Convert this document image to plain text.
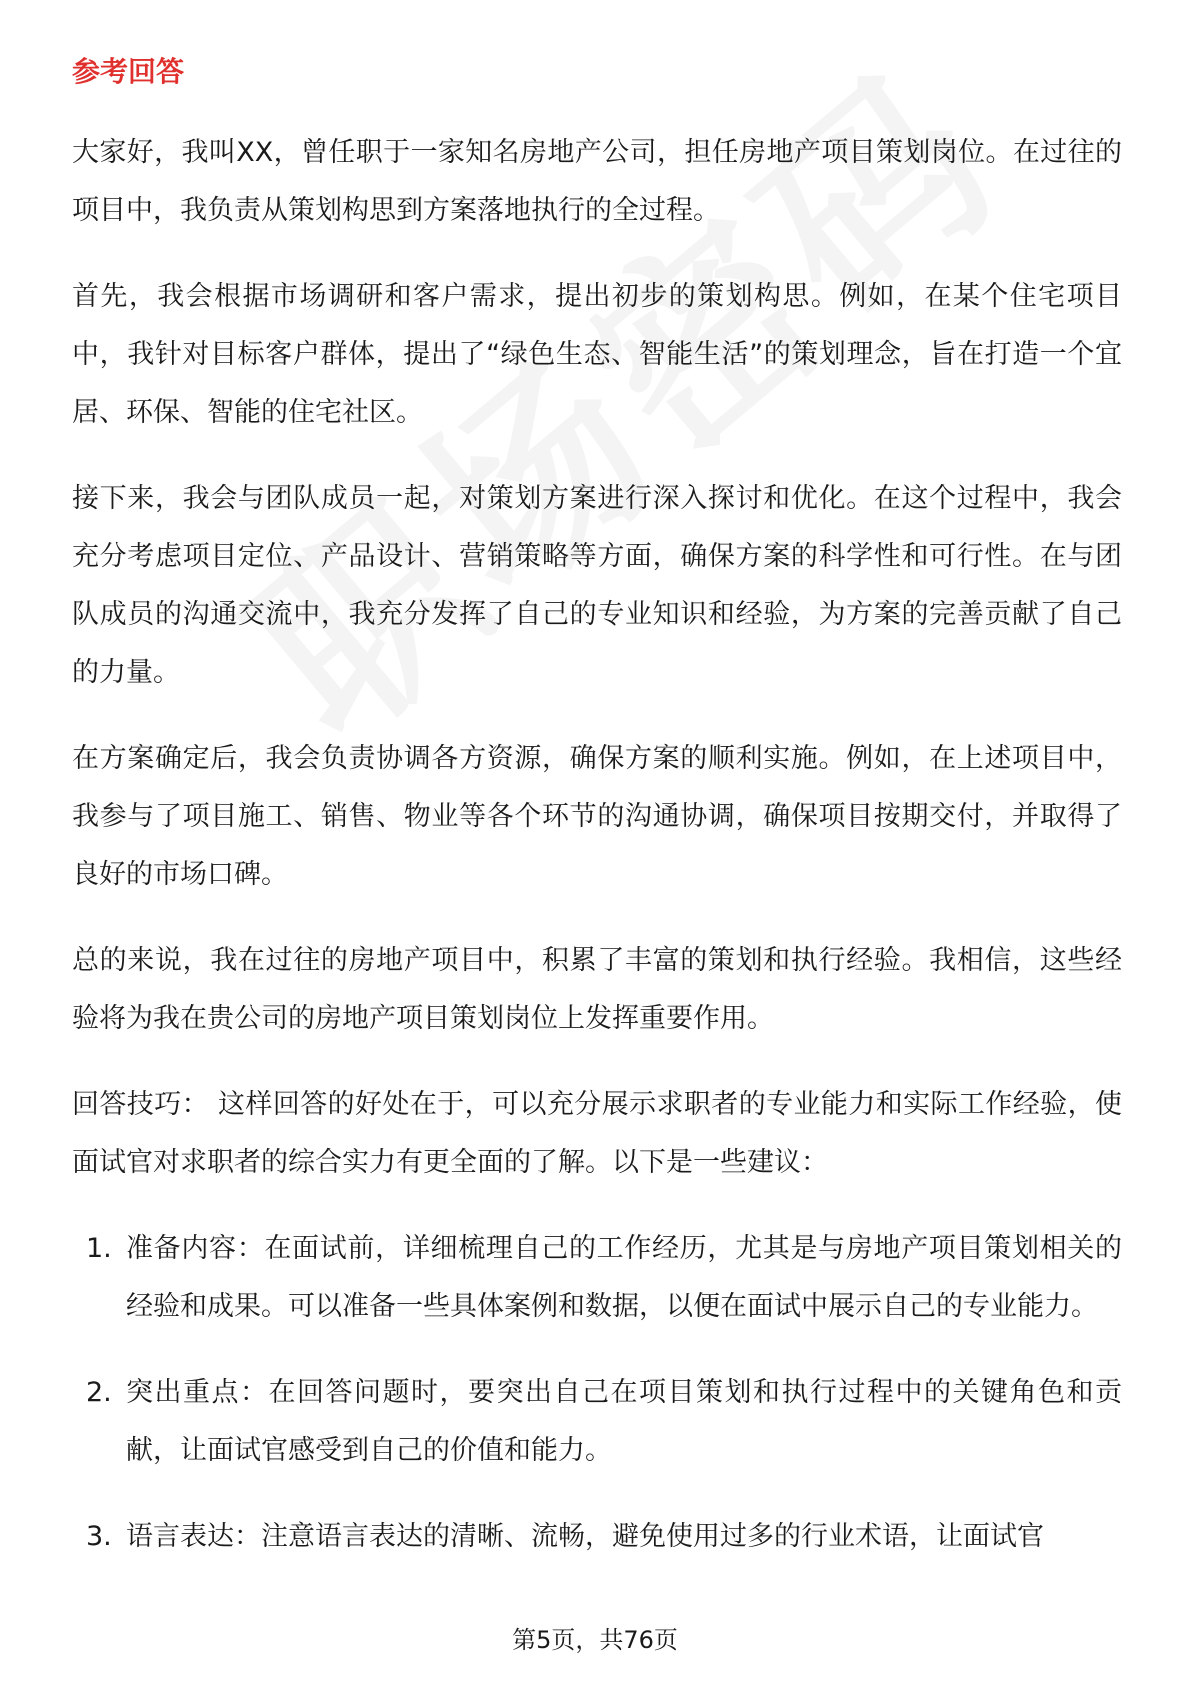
参考回答

大家好，我叫XX，曾任职于一家知名房地产公司，担任房地产项目策划岗位。在过往的项目中，我负责从策划构思到方案落地执行的全过程。

首先，我会根据市场调研和客户需求，提出初步的策划构思。例如，在某个住宅项目中，我针对目标客户群体，提出了“绿色生态、智能生活”的策划理念，旨在打造一个宜居、环保、智能的住宅社区。

接下来，我会与团队成员一起，对策划方案进行深入探讨和优化。在这个过程中，我会充分考虑项目定位、产品设计、营销策略等方面，确保方案的科学性和可行性。在与团队成员的沟通交流中，我充分发挥了自己的专业知识和经验，为方案的完善贡献了自己的力量。

在方案确定后，我会负责协调各方资源，确保方案的顺利实施。例如，在上述项目中，我参与了项目施工、销售、物业等各个环节的沟通协调，确保项目按期交付，并取得了良好的市场口碑。

总的来说，我在过往的房地产项目中，积累了丰富的策划和执行经验。我相信，这些经验将为我在贵公司的房地产项目策划岗位上发挥重要作用。

回答技巧： 这样回答的好处在于，可以充分展示求职者的专业能力和实际工作经验，使面试官对求职者的综合实力有更全面的了解。以下是一些建议：

1. 准备内容：在面试前，详细梳理自己的工作经历，尤其是与房地产项目策划相关的经验和成果。可以准备一些具体案例和数据，以便在面试中展示自己的专业能力。
2. 突出重点：在回答问题时，要突出自己在项目策划和执行过程中的关键角色和贡献，让面试官感受到自己的价值和能力。
3. 语言表达：注意语言表达的清晰、流畅，避免使用过多的行业术语，让面试官
第5页，共76页
